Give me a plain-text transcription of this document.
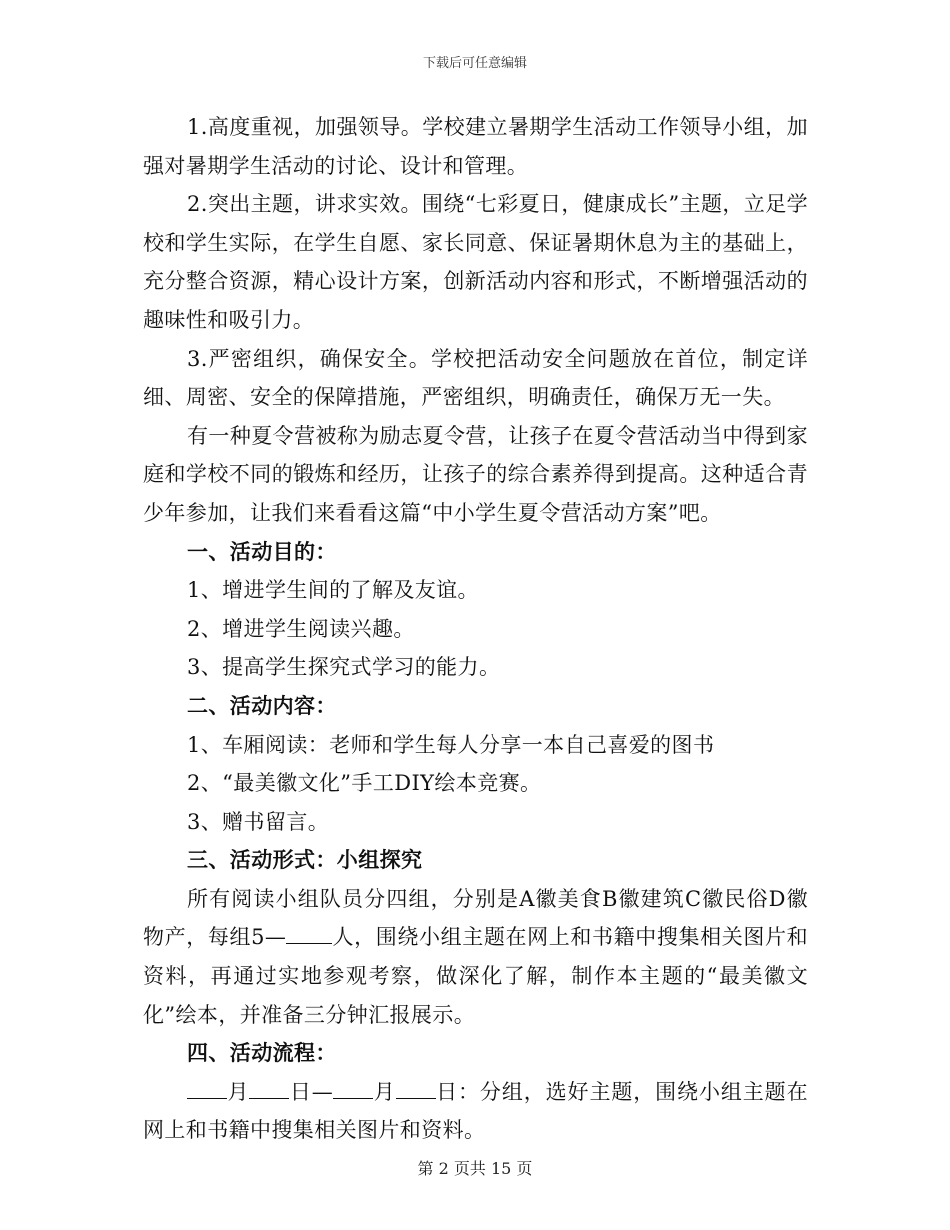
下载后可任意编辑

1.高度重视，加强领导。学校建立暑期学生活动工作领导小组，加强对暑期学生活动的讨论、设计和管理。

2.突出主题，讲求实效。围绕“七彩夏日，健康成长”主题，立足学校和学生实际，在学生自愿、家长同意、保证暑期休息为主的基础上，充分整合资源，精心设计方案，创新活动内容和形式，不断增强活动的趣味性和吸引力。

3.严密组织，确保安全。学校把活动安全问题放在首位，制定详细、周密、安全的保障措施，严密组织，明确责任，确保万无一失。

有一种夏令营被称为励志夏令营，让孩子在夏令营活动当中得到家庭和学校不同的锻炼和经历，让孩子的综合素养得到提高。这种适合青少年参加，让我们来看看这篇“中小学生夏令营活动方案”吧。

一、活动目的：

1、增进学生间的了解及友谊。

2、增进学生阅读兴趣。

3、提高学生探究式学习的能力。

二、活动内容：

1、车厢阅读：老师和学生每人分享一本自己喜爱的图书

2、“最美徽文化”手工DIY绘本竞赛。

3、赠书留言。

三、活动形式：小组探究

所有阅读小组队员分四组，分别是A徽美食B徽建筑C徽民俗D徽物产，每组5— 人，围绕小组主题在网上和书籍中搜集相关图片和资料，再通过实地参观考察，做深化了解，制作本主题的“最美徽文化”绘本，并准备三分钟汇报展示。

四、活动流程：

月 日— 月 日：分组，选好主题，围绕小组主题在网上和书籍中搜集相关图片和资料。

第 2 页共 15 页
